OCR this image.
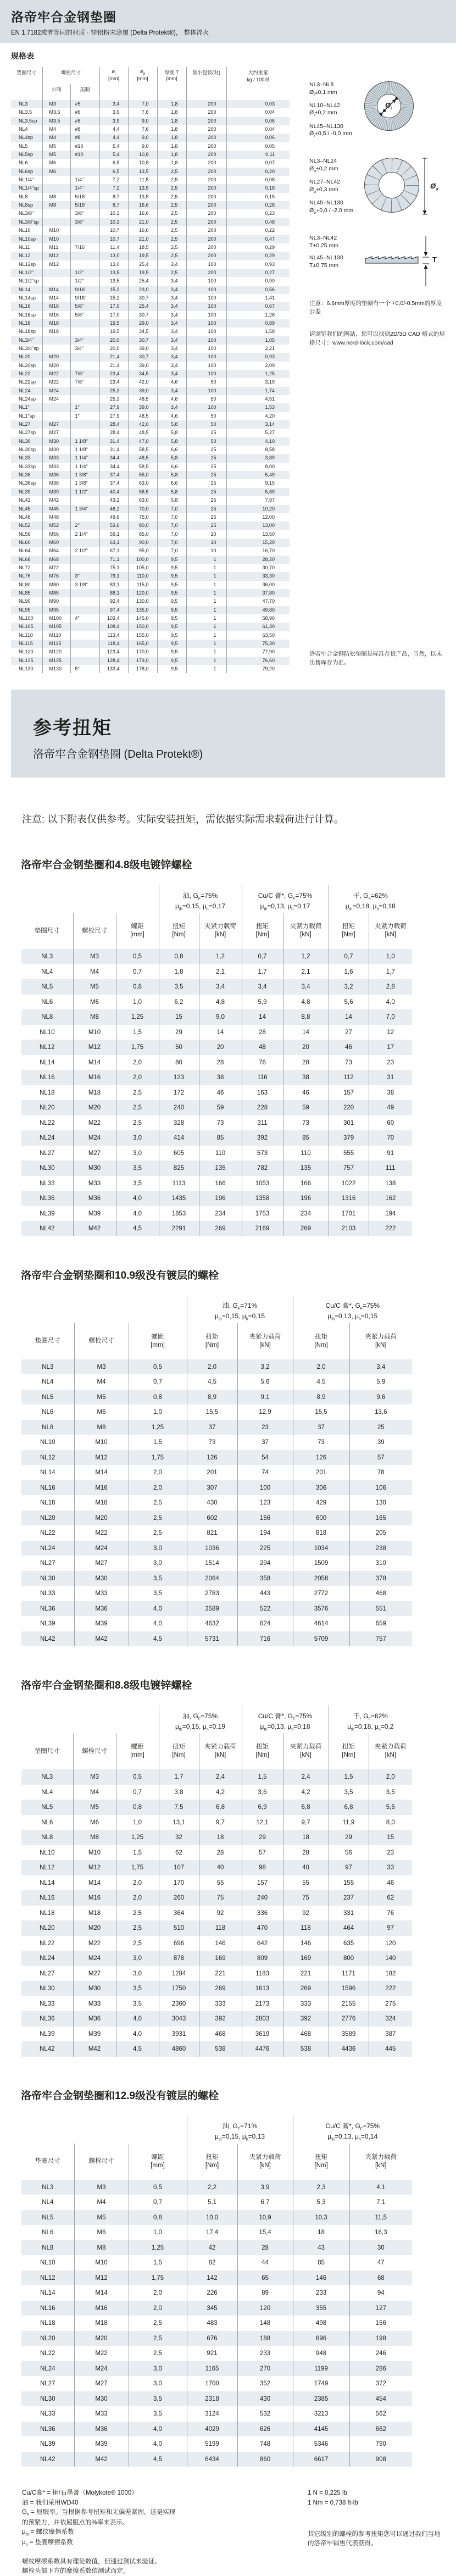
洛帝牢合金钢垫圈

EN 1.7182或者等同的材质 · 锌铝粉末涂覆 (Delta Protekt®)， 整体淬火

规格表
垫圈尺寸	螺栓尺寸		$ø_i$
[mm]	$ø_o$
[mm]	厚度 T
[mm]	最小包装(对)	大约重量
kg / 100对
	公制	美制					
NL3	M3	#5	3,4	7,0	1,8	200	0,03
NL3,5	M3,5	#6	3,9	7,6	1,8	200	0,04
NL3,5sp	M3,5	#6	3,9	9,0	1,8	200	0,06
NL4	M4	#8	4,4	7,6	1,8	200	0,04
NL4sp	M4	#8	4,4	9,0	1,8	200	0,06
NL5	M5	#10	5,4	9,0	1,8	200	0,05
NL5sp	M5	#10	5,4	10,8	1,8	200	0,11
NL6	M6		6,5	10,8	1,8	200	0,07
NL6sp	M6		6,5	13,5	2,5	200	0,20
NL1/4"		1/4"	7,2	11,5	2,5	200	0,08
NL1/4"sp		1/4"	7,2	13,5	2,5	200	0,18
NL8	M8	5/16"	8,7	13,5	2,5	200	0,15
NL8sp	M8	5/16"	8,7	16,6	2,5	200	0,28
NL3/8"		3/8"	10,3	16,6	2,5	200	0,23
NL3/8"sp		3/8"	10,3	21,0	2,5	200	0,48
NL10	M10		10,7	16,6	2,5	200	0,22
NL10sp	M10		10,7	21,0	2,5	200	0,47
NL11	M11	7/16"	11,4	18,5	2,5	200	0,29
NL12	M12		13,0	19,5	2,5	200	0,29
NL12sp	M12		13,0	25,4	3,4	100	0,93
NL1/2"		1/2"	13,5	19,5	2,5	200	0,27
NL1/2"sp		1/2"	13,5	25,4	3,4	100	0,90
NL14	M14	9/16"	15,2	23,0	3,4	100	0,56
NL14sp	M14	9/16"	15,2	30,7	3,4	100	1,41
NL16	M16	5/8"	17,0	25,4	3,4	100	0,67
NL16sp	M16	5/8"	17,0	30,7	3,4	100	1,28
NL18	M18		19,5	29,0	3,4	100	0,89
NL18sp	M18		19,5	34,5	3,4	100	1,58
NL3/4"		3/4"	20,0	30,7	3,4	100	1,05
NL3/4"sp		3/4"	20,0	39,0	3,4	100	2,21
NL20	M20		21,4	30,7	3,4	100	0,93
NL20sp	M20		21,4	39,0	3,4	100	2,09
NL22	M22	7/8"	23,4	34,5	3,4	100	1,25
NL22sp	M22	7/8"	23,4	42,0	4,6	50	3,19
NL24	M24		25,3	39,0	3,4	100	1,74
NL24sp	M24		25,3	48,5	4,6	50	4,51
NL1"		1"	27,9	39,0	3,4	100	1,53
NL1"sp		1"	27,9	48,5	4,6	50	4,20
NL27	M27		28,4	42,0	5,8	50	3,14
NL27sp	M27		28,4	48,5	5,8	25	5,27
NL30	M30	1 1/8"	31,4	47,0	5,8	50	4,10
NL30sp	M30	1 1/8"	31,4	58,5	6,6	25	8,58
NL33	M33	1 1/4"	34,4	48,5	5,8	25	3,89
NL33sp	M33	1 1/4"	34,4	58,5	6,6	25	8,00
NL36	M36	1 3/8"	37,4	55,0	5,8	25	5,49
NL36sp	M36	1 3/8"	37,4	63,0	6,6	25	9,15
NL39	M39	1 1/2"	40,4	58,5	5,8	25	5,89
NL42	M42		43,2	63,0	5,8	25	7,97
NL45	M45	1 3/4"	46,2	70,0	7,0	25	10,20
NL48	M48		49,6	75,0	7,0	25	12,00
NL52	M52	2"	53,6	80,0	7,0	25	13,00
NL56	M56	2 1/4"	59,1	85,0	7,0	10	13,50
NL60	M60		63,1	90,0	7,0	10	15,20
NL64	M64	2 1/2"	67,1	95,0	7,0	10	16,70
NL68	M68		71,1	100,0	9,5	1	28,20
NL72	M72		75,1	105,0	9,5	1	30,70
NL76	M76	3"	79,1	110,0	9,5	1	33,30
NL80	M80	3 1/8"	83,1	115,0	9,5	1	36,00
NL85	M85		88,1	120,0	9,5	1	37,80
NL90	M90		92,4	130,0	9,5	1	47,70
NL95	M95		97,4	135,0	9,5	1	49,80
NL100	M100	4"	103,4	145,0	9,5	1	58,90
NL105	M105		108,4	150,0	9,5	1	61,30
NL110	M110		113,4	155,0	9,5	1	63,50
NL115	M115		118,4	165,0	9,5	1	75,30
NL120	M120		123,4	170,0	9,5	1	77,90
NL125	M125		128,4	173,0	9,5	1	76,60
NL130	M130	5"	133,4	178,0	9,5	1	79,20
NL3–NL8
$Ø_i\pm 0,1$ mm
NL10–NL42
$Ø_i\pm 0,2$ mm
NL45–NL130
$Ø_i+0,5 / -0,0$ mm
$Ø_i$
NL3–NL24
$Ø_o\pm 0,2$ mm
NL27–NL42
$Ø_o\pm 0,3$ mm
NL45–NL130
$Ø_o+0,0 / -2,0$ mm
$Ø_o$
NL3–NL42
T±0,25 mm
NL45–NL130
T±0,75 mm
T

注意：6.6mm厚度的垫圈有一个 +0,0/-0.5mm的厚度公差

请浏览我们的网站，您可以找到2D/3D CAD 格式的规格尺寸：www.nord-lock.com/cad

洛帝牢合金钢防松垫圈是标准存货产品，当然，以未出售库存为准。

参考扭矩

洛帝牢合金钢垫圈 (Delta Protekt®)

注意: 以下附表仅供参考。实际安装扭矩，需依据实际需求载荷进行计算。

洛帝牢合金钢垫圈和4.8级电镀锌螺栓
			油, $G_F=75\%$
$\mu_{th}=0,15$, $\mu_h=0,17$		Cu/C 膏*, $G_F=75\%$
$\mu_{th}=0,13$, $\mu_h=0,17$		干, $G_F=62\%$
$\mu_{th}=0,18$, $\mu_h=0,18$	
垫圈尺寸	螺栓尺寸	螺距
[mm]	扭矩
[Nm]	夹紧力载荷
[kN]	扭矩
[Nm]	夹紧力载荷
[kN]	扭矩
[Nm]	夹紧力载荷
[kN]
NL3	M3	0,5	0,8	1,2	0,7	1,2	0,7	1,0
NL4	M4	0,7	1,8	2,1	1,7	2,1	1,6	1,7
NL5	M5	0,8	3,5	3,4	3,4	3,4	3,2	2,8
NL6	M6	1,0	6,2	4,8	5,9	4,8	5,6	4,0
NL8	M8	1,25	15	9,0	14	8,8	14	7,0
NL10	M10	1,5	29	14	28	14	27	12
NL12	M12	1,75	50	20	48	20	46	17
NL14	M14	2,0	80	28	76	28	73	23
NL16	M16	2,0	123	38	116	38	112	31
NL18	M18	2,5	172	46	163	46	157	38
NL20	M20	2,5	240	59	228	59	220	49
NL22	M22	2,5	328	73	311	73	301	60
NL24	M24	3,0	414	85	392	85	379	70
NL27	M27	3,0	605	110	573	110	555	91
NL30	M30	3,5	825	135	782	135	757	111
NL33	M33	3,5	1113	166	1053	166	1022	138
NL36	M36	4,0	1435	196	1358	196	1316	162
NL39	M39	4,0	1853	234	1753	234	1701	194
NL42	M42	4,5	2291	269	2169	269	2103	222
洛帝牢合金钢垫圈和10.9级没有镀层的螺栓
			油, $G_F=71\%$
$\mu_{th}=0,15$, $\mu_h=0,15$		Cu/C 膏*, $G_F=75\%$
$\mu_{th}=0,13$, $\mu_h=0,15$	
垫圈尺寸	螺栓尺寸	螺距
[mm]	扭矩
[Nm]	夹紧力载荷
[kN]	扭矩
[Nm]	夹紧力载荷
[kN]
NL3	M3	0,5	2,0	3,2	2,0	3,4
NL4	M4	0,7	4,5	5,6	4,5	5,9
NL5	M5	0,8	8,9	9,1	8,9	9,6
NL6	M6	1,0	15,5	12,9	15,5	13,6
NL8	M8	1,25	37	23	37	25
NL10	M10	1,5	73	37	73	39
NL12	M12	1,75	126	54	126	57
NL14	M14	2,0	201	74	201	78
NL16	M16	2,0	307	100	306	106
NL18	M18	2,5	430	123	429	130
NL20	M20	2,5	602	156	600	165
NL22	M22	2,5	821	194	818	205
NL24	M24	3,0	1036	225	1034	238
NL27	M27	3,0	1514	294	1509	310
NL30	M30	3,5	2064	358	2058	378
NL33	M33	3,5	2783	443	2772	468
NL36	M36	4,0	3589	522	3576	551
NL39	M39	4,0	4632	624	4614	659
NL42	M42	4,5	5731	716	5709	757
洛帝牢合金钢垫圈和8.8级电镀锌螺栓
			油, $G_F=75\%$
$\mu_{th}=0,15$, $\mu_h=0,19$		Cu/C 膏*, $G_F=75\%$
$\mu_{th}=0,13$, $\mu_h=0,18$		干, $G_F=62\%$
$\mu_{th}=0,18$, $\mu_h=0,2$	
垫圈尺寸	螺栓尺寸	螺距
[mm]	扭矩
[Nm]	夹紧力载荷
[kN]	扭矩
[Nm]	夹紧力载荷
[kN]	扭矩
[Nm]	夹紧力载荷
[kN]
NL3	M3	0,5	1,7	2,4	1,5	2,4	1,5	2,0
NL4	M4	0,7	3,8	4,2	3,6	4,2	3,5	3,5
NL5	M5	0,8	7,5	6,8	6,9	6,8	6,8	5,6
NL6	M6	1,0	13,1	9,7	12,1	9,7	11,9	8,0
NL8	M8	1,25	32	18	29	18	29	15
NL10	M10	1,5	62	28	57	28	56	23
NL12	M12	1,75	107	40	98	40	97	33
NL14	M14	2,0	170	55	157	55	155	46
NL16	M16	2,0	260	75	240	75	237	62
NL18	M18	2,5	364	92	336	92	331	76
NL20	M20	2,5	510	118	470	118	464	97
NL22	M22	2,5	696	146	642	146	635	120
NL24	M24	3,0	878	169	809	169	800	140
NL27	M27	3,0	1284	221	1183	221	1171	182
NL30	M30	3,5	1750	269	1613	269	1596	222
NL33	M33	3,5	2360	333	2173	333	2155	275
NL36	M36	4,0	3043	392	2803	392	2776	324
NL39	M39	4,0	3931	468	3619	468	3589	387
NL42	M42	4,5	4860	538	4476	538	4436	445
洛帝牢合金钢垫圈和12.9级没有镀层的螺栓
			油, $G_F=71\%$
$\mu_{th}=0,15$, $\mu_h=0,13$		Cu/C 膏*, $G_F=75\%$
$\mu_{th}=0,13$, $\mu_h=0,14$	
垫圈尺寸	螺栓尺寸	螺距
[mm]	扭矩
[Nm]	夹紧力载荷
[kN]	扭矩
[Nm]	夹紧力载荷
[kN]
NL3	M3	0,5	2,2	3,9	2,3	4,1
NL4	M4	0,7	5,1	6,7	5,3	7,1
NL5	M5	0,8	10,0	10,9	10,3	11,5
NL6	M6	1,0	17,4	15,4	18	16,3
NL8	M8	1,25	42	28	43	30
NL10	M10	1,5	82	44	85	47
NL12	M12	1,75	142	65	146	68
NL14	M14	2,0	226	89	233	94
NL16	M16	2,0	345	120	355	127
NL18	M18	2,5	483	148	498	156
NL20	M20	2,5	676	188	696	198
NL22	M22	2,5	921	233	948	246
NL24	M24	3,0	1165	270	1199	286
NL27	M27	3,0	1700	352	1749	372
NL30	M30	3,5	2318	430	2385	454
NL33	M33	3,5	3124	532	3213	562
NL36	M36	4,0	4029	626	4145	662
NL39	M39	4,0	5199	748	5346	790
NL42	M42	4,5	6434	860	6617	908
Cu/C膏* = 铜/石墨膏（Molykote® 1000）
油 = 我们采用WD40
$G_F$ = 屈服率。当根据参考扭矩和无偏差紧固，这是实现
的预紧力，并依屈服点的%率来表示。
$\mu_{th}$ = 螺纹摩擦系数
$\mu_h$ = 垫圈摩擦系数
螺纹摩擦系数具有理论数值，但通过测试来验证。
螺栓头部下方的摩擦系数依测试而定。
1 N = 0,225 lb
1 Nm = 0,738 ft-lb
其它级别的螺栓的参考扭矩您可以通过我们当地
的洛帝牢销售代表获得。
